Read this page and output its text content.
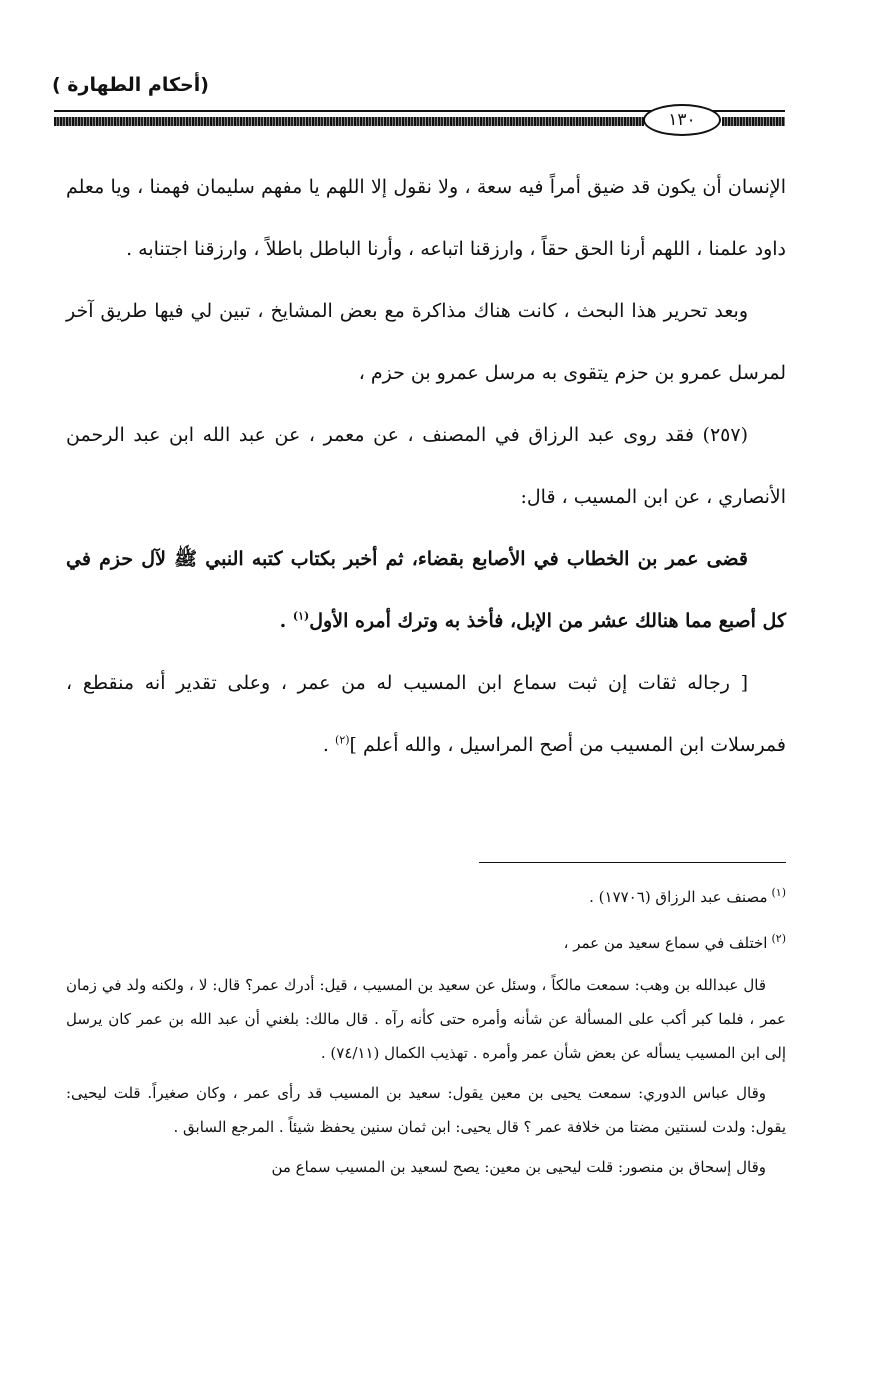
(أحكام الطهارة )
١٣٠

الإنسان أن يكون قد ضيق أمراً فيه سعة ، ولا نقول إلا اللهم يا مفهم سليمان فهمنا ، ويا معلم داود علمنا ، اللهم أرنا الحق حقاً ، وارزقنا اتباعه ، وأرنا الباطل باطلاً ، وارزقنا اجتنابه .

وبعد تحرير هذا البحث ، كانت هناك مذاكرة مع بعض المشايخ ، تبين لي فيها طريق آخر لمرسل عمرو بن حزم يتقوى به مرسل عمرو بن حزم ،

(٢٥٧) فقد روى عبد الرزاق في المصنف ، عن معمر ، عن عبد الله ابن عبد الرحمن الأنصاري ، عن ابن المسيب ، قال:

قضى عمر بن الخطاب في الأصابع بقضاء، ثم أخبر بكتاب كتبه النبي ﷺ لآل حزم في كل أصبع مما هنالك عشر من الإبل، فأخذ به وترك أمره الأول$^{(١)}$ .

[ رجاله ثقات إن ثبت سماع ابن المسيب له من عمر ، وعلى تقدير أنه منقطع ، فمرسلات ابن المسيب من أصح المراسيل ، والله أعلم ]$^{(٢)}$ .

$^{(١)}$مصنف عبد الرزاق (١٧٧٠٦) .

$^{(٢)}$اختلف في سماع سعيد من عمر ،

قال عبدالله بن وهب: سمعت مالكاً ، وسئل عن سعيد بن المسيب ، قيل: أدرك عمر؟ قال: لا ، ولكنه ولد في زمان عمر ، فلما كبر أكب على المسألة عن شأنه وأمره حتى كأنه رآه . قال مالك: بلغني أن عبد الله بن عمر كان يرسل إلى ابن المسيب يسأله عن بعض شأن عمر وأمره . تهذيب الكمال (٧٤/١١) .

وقال عباس الدوري: سمعت يحيى بن معين يقول: سعيد بن المسيب قد رأى عمر ، وكان صغيراً. قلت ليحيى: يقول: ولدت لسنتين مضتا من خلافة عمر ؟ قال يحيى: ابن ثمان سنين يحفظ شيئاً . المرجع السابق .

وقال إسحاق بن منصور: قلت ليحيى بن معين: يصح لسعيد بن المسيب سماع من
